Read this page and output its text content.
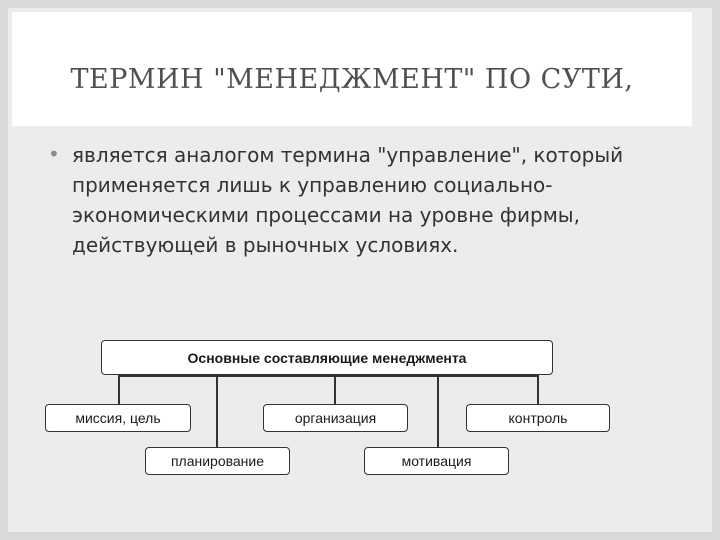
ТЕРМИН "МЕНЕДЖМЕНТ" ПО СУТИ,
• является аналогом термина "управление", который применяется лишь к управлению социально-экономическими процессами на уровне фирмы, действующей в рыночных условиях.
Основные составляющие менеджмента
миссия, цель	организация	контроль
планирование	мотивация
